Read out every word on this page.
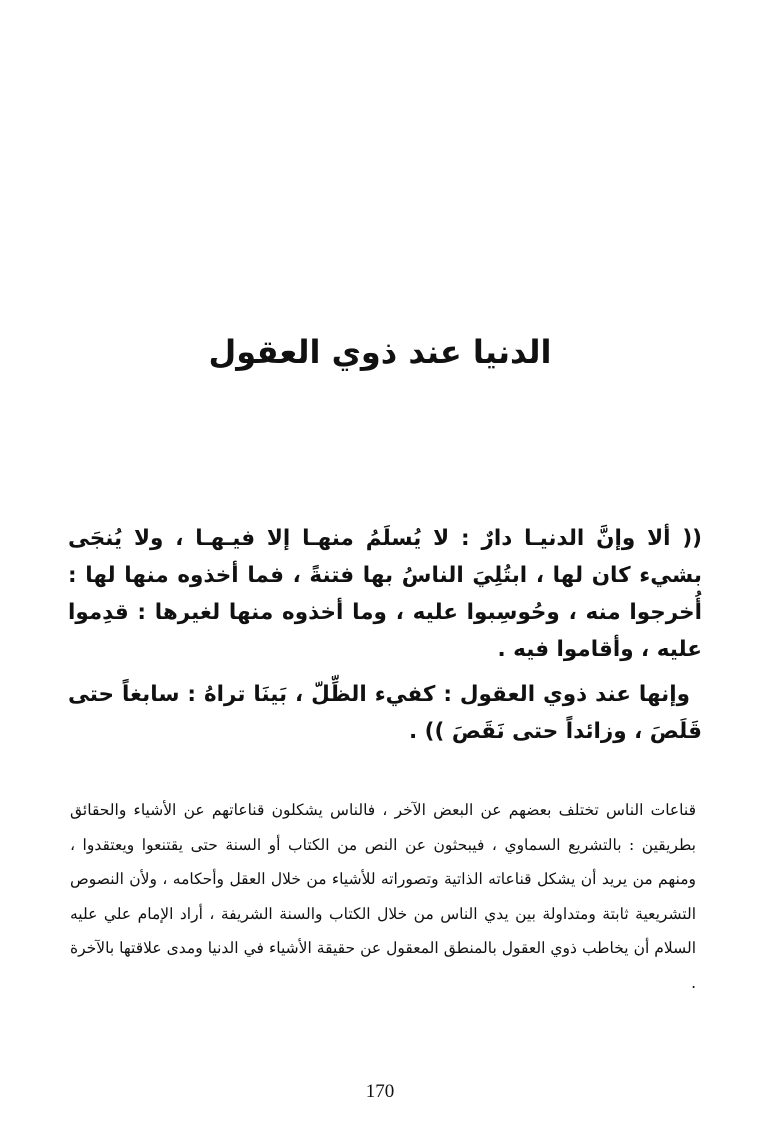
الدنيا عند ذوي العقول

(( ألا وإنَّ الدنيـا دارٌ : لا يُسلَمُ منهـا إلا فيـهـا ، ولا يُنجَى بشيء كان لها ، ابتُلِيَ الناسُ بها فتنةً ، فما أخذوه منها لها : أُخرجوا منه ، وحُوسِبوا عليه ، وما أخذوه منها لغيرها : قدِموا عليه ، وأقاموا فيه .

وإنها عند ذوي العقول : كفيء الظِّلّ ، بَينَا تراهُ : سابغاً حتى قَلَصَ ، وزائداً حتى نَقَصَ )) .

قناعات الناس تختلف بعضهم عن البعض الآخر ، فالناس يشكلون قناعاتهم عن الأشياء والحقائق بطريقين : بالتشريع السماوي ، فيبحثون عن النص من الكتاب أو السنة حتى يقتنعوا ويعتقدوا ، ومنهم من يريد أن يشكل قناعاته الذاتية وتصوراته للأشياء من خلال العقل وأحكامه ، ولأن النصوص التشريعية ثابتة ومتداولة بين يدي الناس من خلال الكتاب والسنة الشريفة ، أراد الإمام علي عليه السلام أن يخاطب ذوي العقول بالمنطق المعقول عن حقيقة الأشياء في الدنيا ومدى علاقتها بالآخرة .

170
